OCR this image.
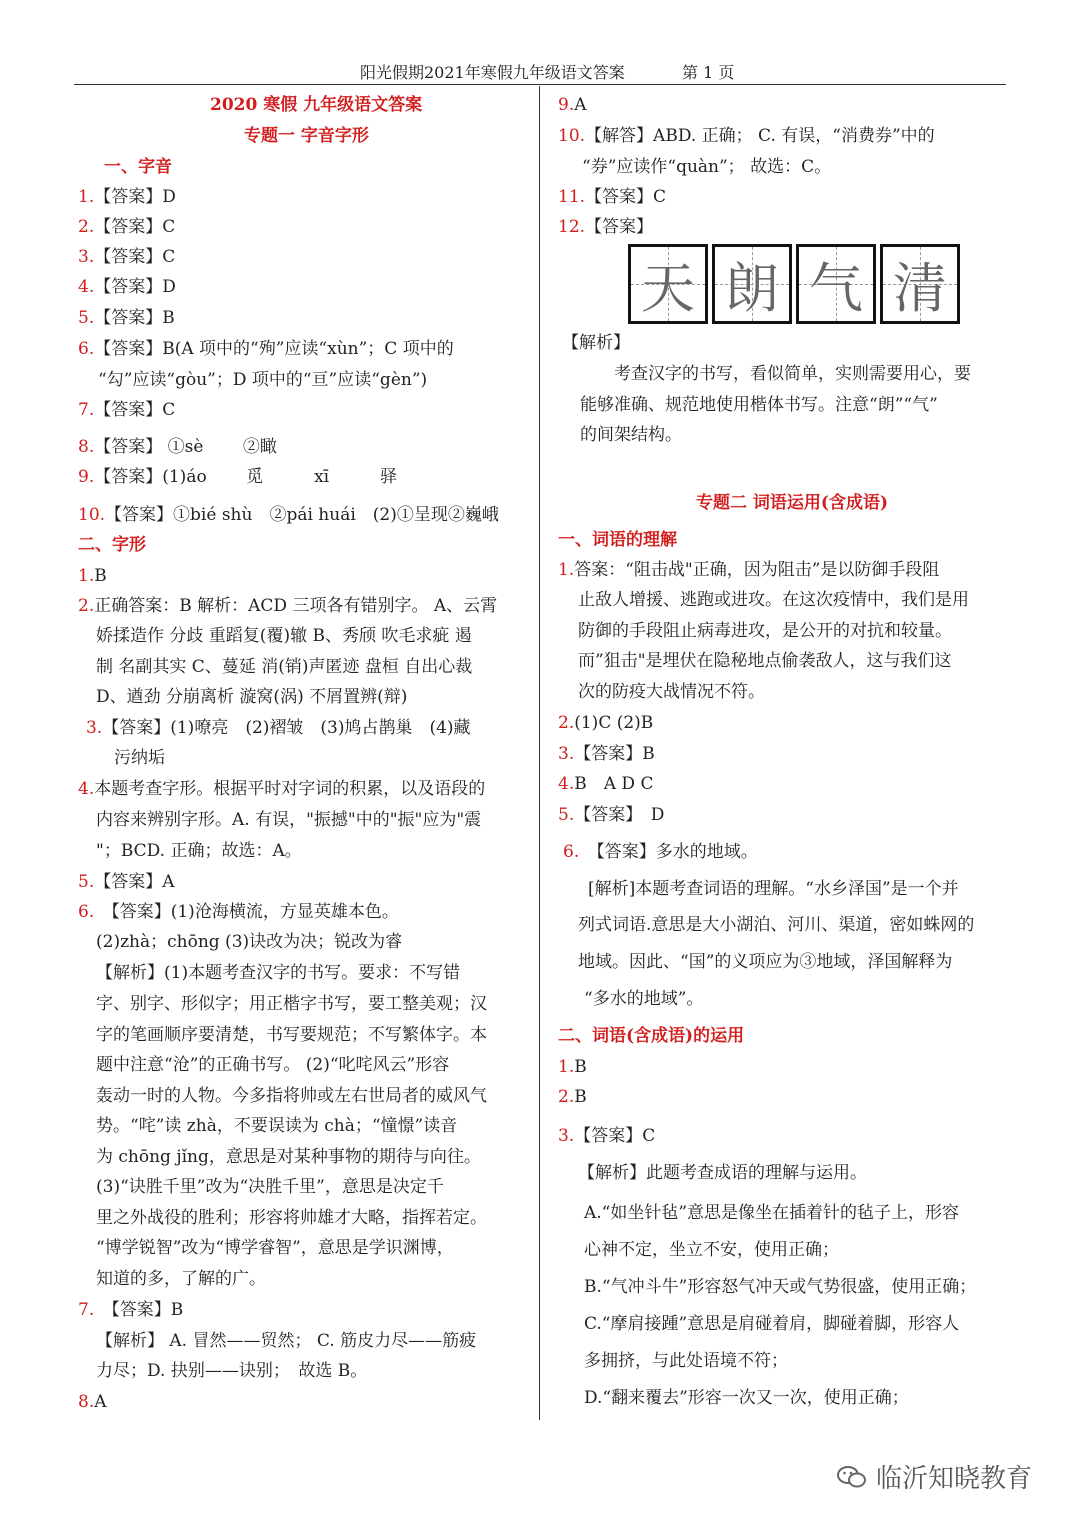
阳光假期2021年寒假九年级语文答案	第 1 页
2020 寒假 九年级语文答案
专题一 字音字形
一、字音
1.【答案】D
2.【答案】C
3.【答案】C
4.【答案】D
5.【答案】B
6.【答案】B(A 项中的“殉”应读“xùn”；C 项中的
“勾”应读“gòu”；D 项中的“亘”应读“gèn”)
7.【答案】C
8.【答案】 ①sè　　 ②瞰
9.【答案】(1)áo　　 觅　　　xī　　　驿
10.【答案】①bié shù　②pái huái　(2)①呈现②巍峨
二、字形
1.B
2.正确答案：B 解析：ACD 三项各有错别字。 A、云霄
娇揉造作 分歧 重蹈复(覆)辙 B、秀颀 吹毛求疵 遏
制 名副其实 C、蔓延 消(销)声匿迹 盘桓 自出心裁
D、遒劲 分崩离析 漩窝(涡) 不屑置辨(辩)
3.【答案】(1)嘹亮　(2)褶皱　(3)鸠占鹊巢　(4)藏
污纳垢
4.本题考查字形。根据平时对字词的积累，以及语段的
内容来辨别字形。A. 有误，"振撼"中的"振"应为"震
"；BCD. 正确；故选：A。
5.【答案】A
6.　【答案】(1)沧海横流，方显英雄本色。
(2)zhà；chōng (3)诀改为决；锐改为睿
【解析】(1)本题考查汉字的书写。要求：不写错
字、别字、形似字；用正楷字书写，要工整美观；汉
字的笔画顺序要清楚，书写要规范；不写繁体字。本
题中注意“沧”的正确书写。 (2)“叱咤风云”形容
轰动一时的人物。今多指将帅或左右世局者的威风气
势。“咤”读 zhà，不要误读为 chà；“憧憬”读音
为 chōng jǐng，意思是对某种事物的期待与向往。
(3)“诀胜千里”改为“决胜千里”，意思是决定千
里之外战役的胜利；形容将帅雄才大略，指挥若定。
“博学锐智”改为“博学睿智”，意思是学识渊博，
知道的多，了解的广。
7.　【答案】B
【解析】 A. 冒然——贸然； C. 筋皮力尽——筋疲
力尽；D. 抉别——诀别；　故选 B。
8.A
9.A
10.【解答】ABD. 正确； C. 有误，“消费券”中的
“券”应读作“quàn”； 故选：C。
11.【答案】C
12.【答案】
【解析】
考查汉字的书写，看似简单，实则需要用心，要
能够准确、规范地使用楷体书写。注意“朗”“气”
的间架结构。
专题二 词语运用(含成语)
一、词语的理解
1.答案：“阻击战"正确，因为阻击”是以防御手段阻
止敌人增援、逃跑或进攻。在这次疫情中，我们是用
防御的手段阻止病毒进攻，是公开的对抗和较量。
而”狙击"是埋伏在隐秘地点偷袭敌人，这与我们这
次的防疫大战情况不符。
2.(1)C (2)B
3.【答案】B
4.B　A D C
5.【答案】　D
6.　【答案】多水的地域。
[解析]本题考查词语的理解。“水乡泽国”是一个并
列式词语.意思是大小湖泊、河川、渠道，密如蛛网的
地域。因此、“国”的义项应为③地域，泽国解释为
“多水的地域”。
二、词语(含成语)的运用
1.B
2.B
3.【答案】C
【解析】此题考查成语的理解与运用。
A.“如坐针毡”意思是像坐在插着针的毡子上，形容
心神不定，坐立不安，使用正确；
B.“气冲斗牛”形容怒气冲天或气势很盛，使用正确；
C.“摩肩接踵”意思是肩碰着肩，脚碰着脚，形容人
多拥挤，与此处语境不符；
D.“翻来覆去”形容一次又一次，使用正确；
天 朗 气 清
临沂知晓教育
